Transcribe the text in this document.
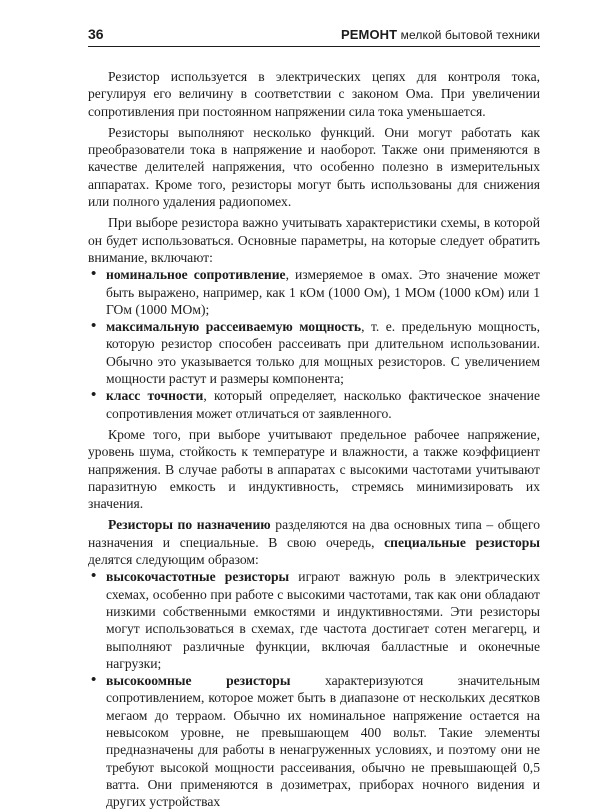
36	РЕМОНТ мелкой бытовой техники

Резистор используется в электрических цепях для контроля тока, регулируя его величину в соответствии с законом Ома. При увеличении сопротивления при постоянном напряжении сила тока уменьшается.

Резисторы выполняют несколько функций. Они могут работать как преобразователи тока в напряжение и наоборот. Также они применяются в качестве делителей напряжения, что особенно полезно в измерительных аппаратах. Кроме того, резисторы могут быть использованы для снижения или полного удаления радиопомех.

При выборе резистора важно учитывать характеристики схемы, в которой он будет использоваться. Основные параметры, на которые следует обратить внимание, включают:

• номинальное сопротивление, измеряемое в омах. Это значение может быть выражено, например, как 1 кОм (1000 Ом), 1 МОм (1000 кОм) или 1 ГОм (1000 МОм);
• максимальную рассеиваемую мощность, т. е. предельную мощность, которую резистор способен рассеивать при длительном использовании. Обычно это указывается только для мощных резисторов. С увеличением мощности растут и размеры компонента;
• класс точности, который определяет, насколько фактическое значение сопротивления может отличаться от заявленного.

Кроме того, при выборе учитывают предельное рабочее напряжение, уровень шума, стойкость к температуре и влажности, а также коэффициент напряжения. В случае работы в аппаратах с высокими частотами учитывают паразитную емкость и индуктивность, стремясь минимизировать их значения.

Резисторы по назначению разделяются на два основных типа – общего назначения и специальные. В свою очередь, специальные резисторы делятся следующим образом:

• высокочастотные резисторы играют важную роль в электрических схемах, особенно при работе с высокими частотами, так как они обладают низкими собственными емкостями и индуктивностями. Эти резисторы могут использоваться в схемах, где частота достигает сотен мегагерц, и выполняют различные функции, включая балластные и оконечные нагрузки;
• высокоомные резисторы характеризуются значительным сопротивлением, которое может быть в диапазоне от нескольких десятков мегаом до терраом. Обычно их номинальное напряжение остается на невысоком уровне, не превышающем 400 вольт. Такие элементы предназначены для работы в ненагруженных условиях, и поэтому они не требуют высокой мощности рассеивания, обычно не превышающей 0,5 ватта. Они применяются в дозиметрах, приборах ночного видения и других устройствах
